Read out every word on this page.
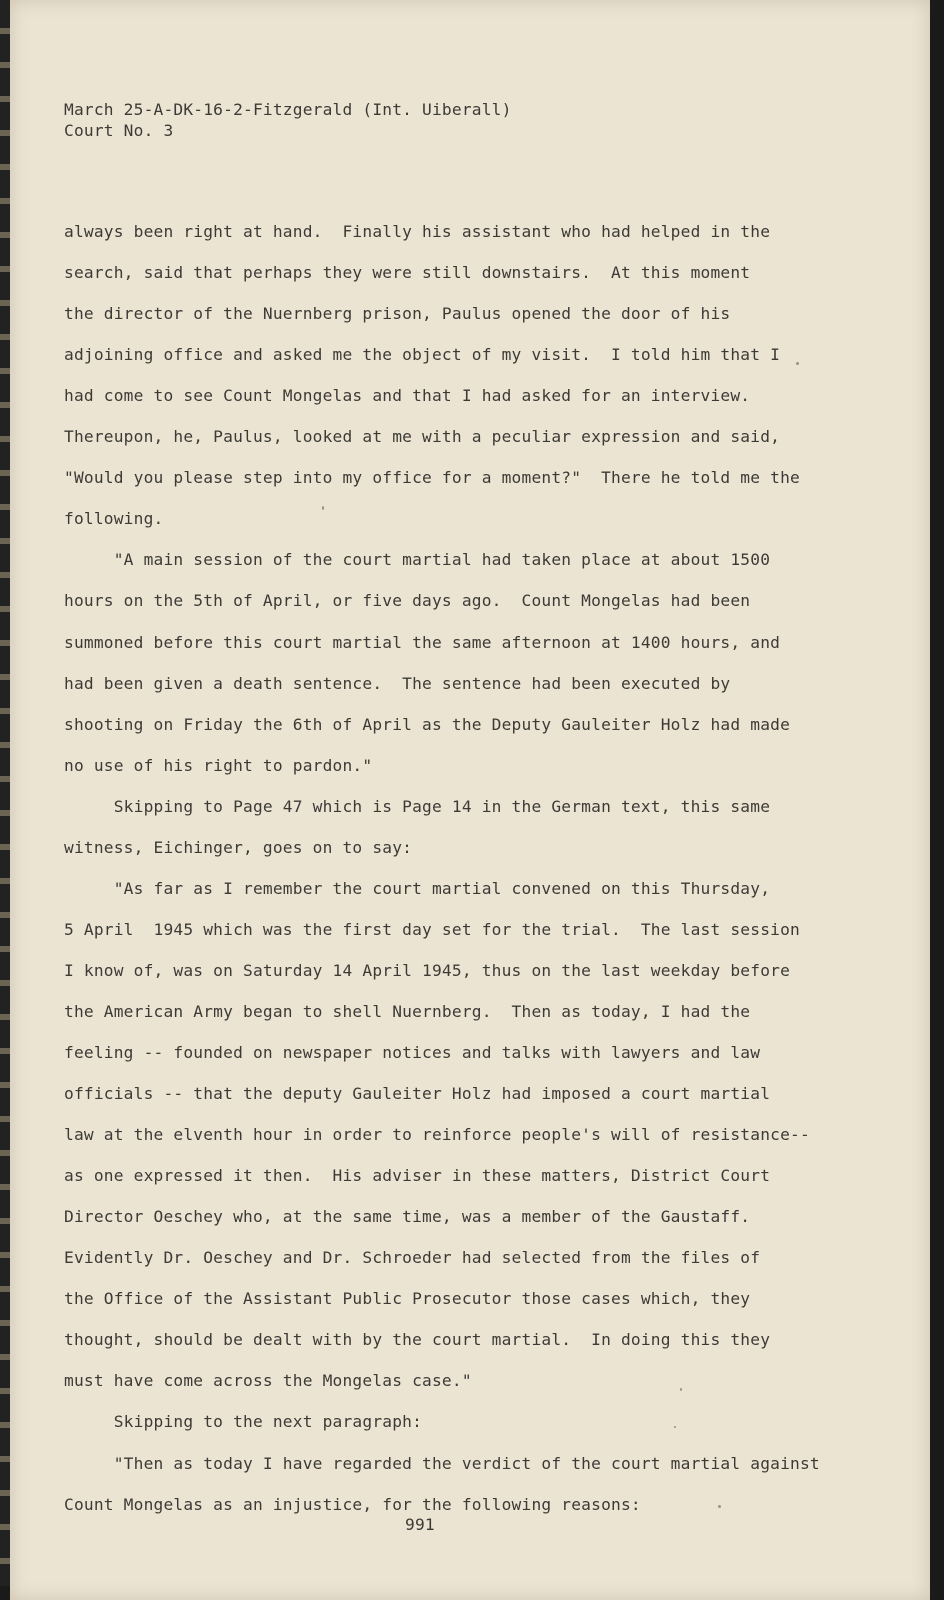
March 25-A-DK-16-2-Fitzgerald (Int. Uiberall)
Court No. 3
always been right at hand.  Finally his assistant who had helped in the
search, said that perhaps they were still downstairs.  At this moment
the director of the Nuernberg prison, Paulus opened the door of his
adjoining office and asked me the object of my visit.  I told him that I
had come to see Count Mongelas and that I had asked for an interview.
Thereupon, he, Paulus, looked at me with a peculiar expression and said,
"Would you please step into my office for a moment?"  There he told me the
following.
"A main session of the court martial had taken place at about 1500
hours on the 5th of April, or five days ago.  Count Mongelas had been
summoned before this court martial the same afternoon at 1400 hours, and
had been given a death sentence.  The sentence had been executed by
shooting on Friday the 6th of April as the Deputy Gauleiter Holz had made
no use of his right to pardon."
Skipping to Page 47 which is Page 14 in the German text, this same
witness, Eichinger, goes on to say:
"As far as I remember the court martial convened on this Thursday,
5 April  1945 which was the first day set for the trial.  The last session
I know of, was on Saturday 14 April 1945, thus on the last weekday before
the American Army began to shell Nuernberg.  Then as today, I had the
feeling -- founded on newspaper notices and talks with lawyers and law
officials -- that the deputy Gauleiter Holz had imposed a court martial
law at the elventh hour in order to reinforce people's will of resistance--
as one expressed it then.  His adviser in these matters, District Court
Director Oeschey who, at the same time, was a member of the Gaustaff.
Evidently Dr. Oeschey and Dr. Schroeder had selected from the files of
the Office of the Assistant Public Prosecutor those cases which, they
thought, should be dealt with by the court martial.  In doing this they
must have come across the Mongelas case."
Skipping to the next paragraph:
"Then as today I have regarded the verdict of the court martial against
Count Mongelas as an injustice, for the following reasons:
991
